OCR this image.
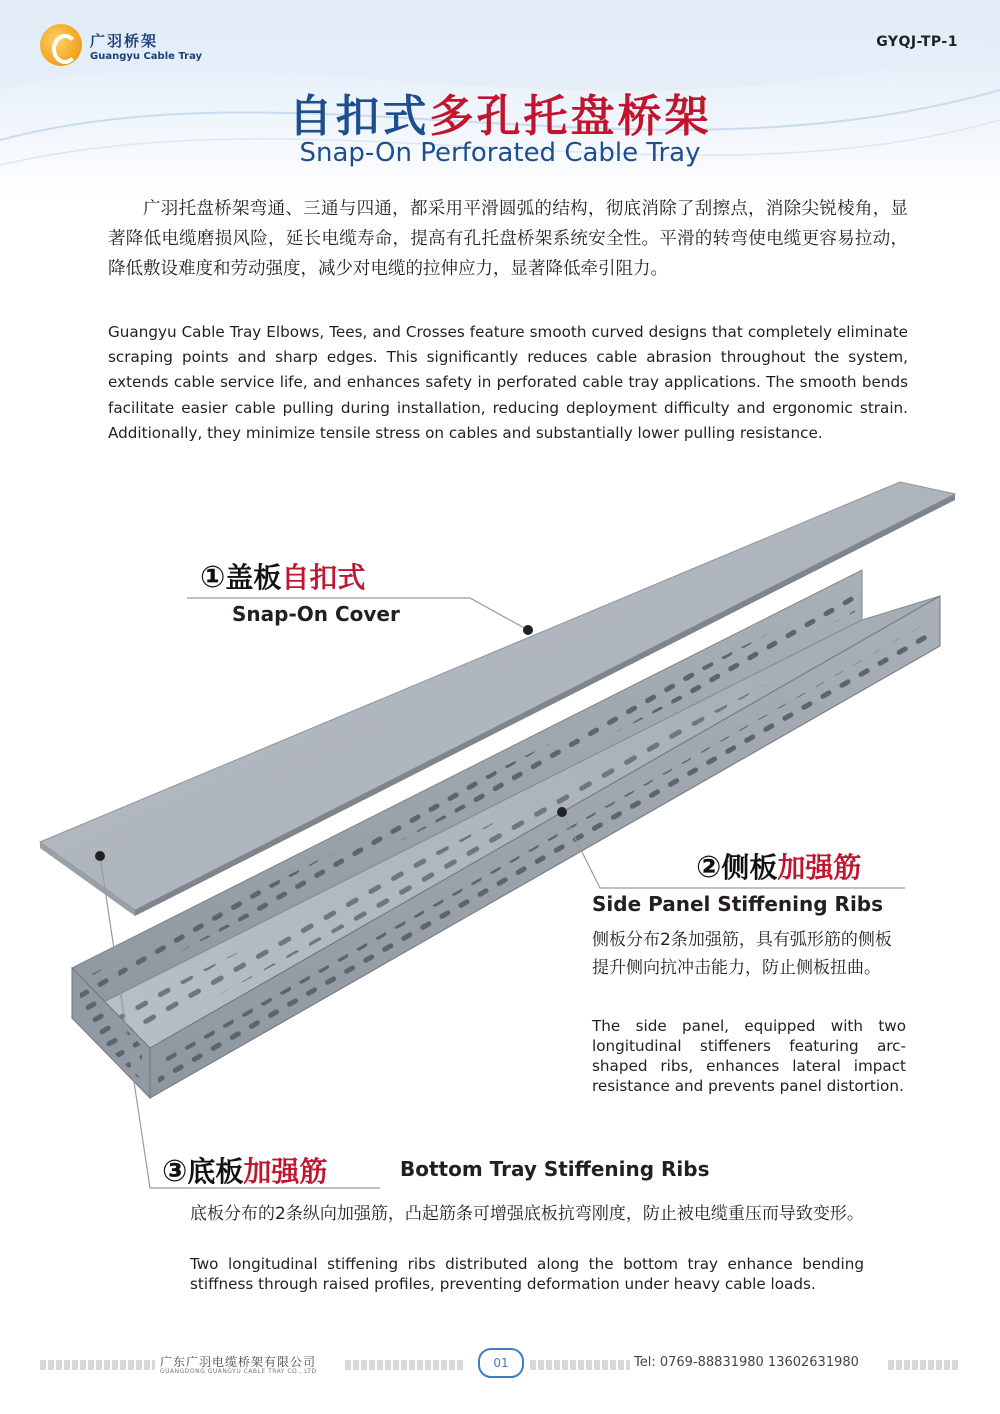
广羽桥架
Guangyu Cable Tray
GYQJ-TP-1
自扣式多孔托盘桥架
Snap-On Perforated Cable Tray
广羽托盘桥架弯通、三通与四通，都采用平滑圆弧的结构，彻底消除了刮擦点，消除尖锐棱角，显著降低电缆磨损风险，延长电缆寿命，提高有孔托盘桥架系统安全性。平滑的转弯使电缆更容易拉动，降低敷设难度和劳动强度，减少对电缆的拉伸应力，显著降低牵引阻力。
Guangyu Cable Tray Elbows, Tees, and Crosses feature smooth curved designs that completely eliminate scraping points and sharp edges. This significantly reduces cable abrasion throughout the system, extends cable service life, and enhances safety in perforated cable tray applications. The smooth bends facilitate easier cable pulling during installation, reducing deployment difficulty and ergonomic strain. Additionally, they minimize tensile stress on cables and substantially lower pulling resistance.
①盖板自扣式
Snap-On Cover
②侧板加强筋
Side Panel Stiffening Ribs
侧板分布2条加强筋，具有弧形筋的侧板提升侧向抗冲击能力，防止侧板扭曲。
The side panel, equipped with two longitudinal stiffeners featuring arc-shaped ribs, enhances lateral impact resistance and prevents panel distortion.
③底板加强筋	Bottom Tray Stiffening Ribs
底板分布的2条纵向加强筋，凸起筋条可增强底板抗弯刚度，防止被电缆重压而导致变形。
Two longitudinal stiffening ribs distributed along the bottom tray enhance bending stiffness through raised profiles, preventing deformation under heavy cable loads.
广东广羽电缆桥架有限公司
GUANGDONG GUANGYU CABLE TRAY CO., LTD
01	Tel: 0769-88831980 13602631980
